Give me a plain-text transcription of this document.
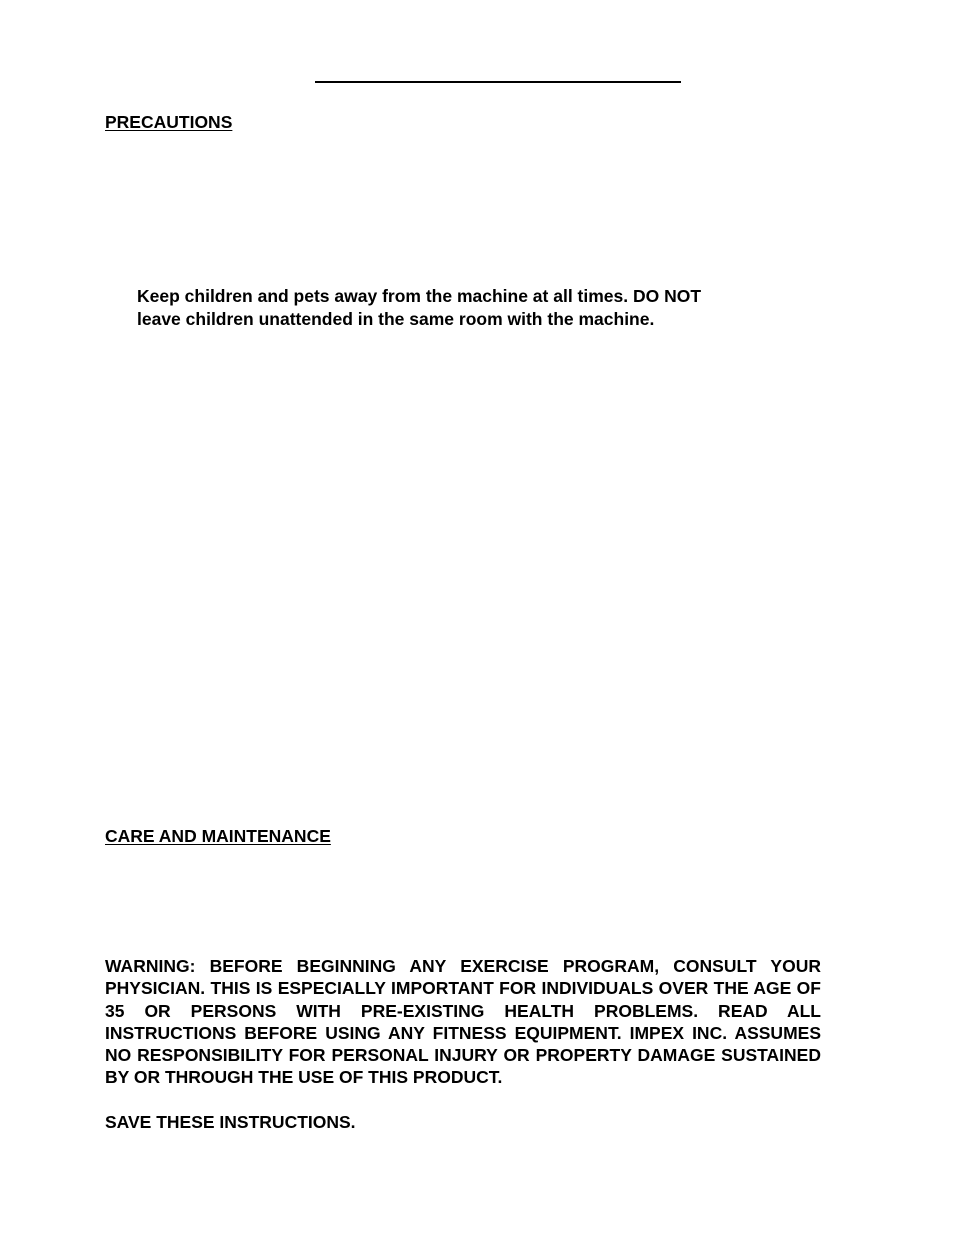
PRECAUTIONS
Keep children and pets away from the machine at all times. DO NOT
leave children unattended in the same room with the machine.
CARE AND MAINTENANCE
WARNING: BEFORE BEGINNING ANY EXERCISE PROGRAM, CONSULT YOUR PHYSICIAN. THIS IS ESPECIALLY IMPORTANT FOR INDIVIDUALS OVER THE AGE OF 35 OR PERSONS WITH PRE-EXISTING HEALTH PROBLEMS. READ ALL INSTRUCTIONS BEFORE USING ANY FITNESS EQUIPMENT. IMPEX INC. ASSUMES NO RESPONSIBILITY FOR PERSONAL INJURY OR PROPERTY DAMAGE SUSTAINED BY OR THROUGH THE USE OF THIS PRODUCT.
SAVE THESE INSTRUCTIONS.
